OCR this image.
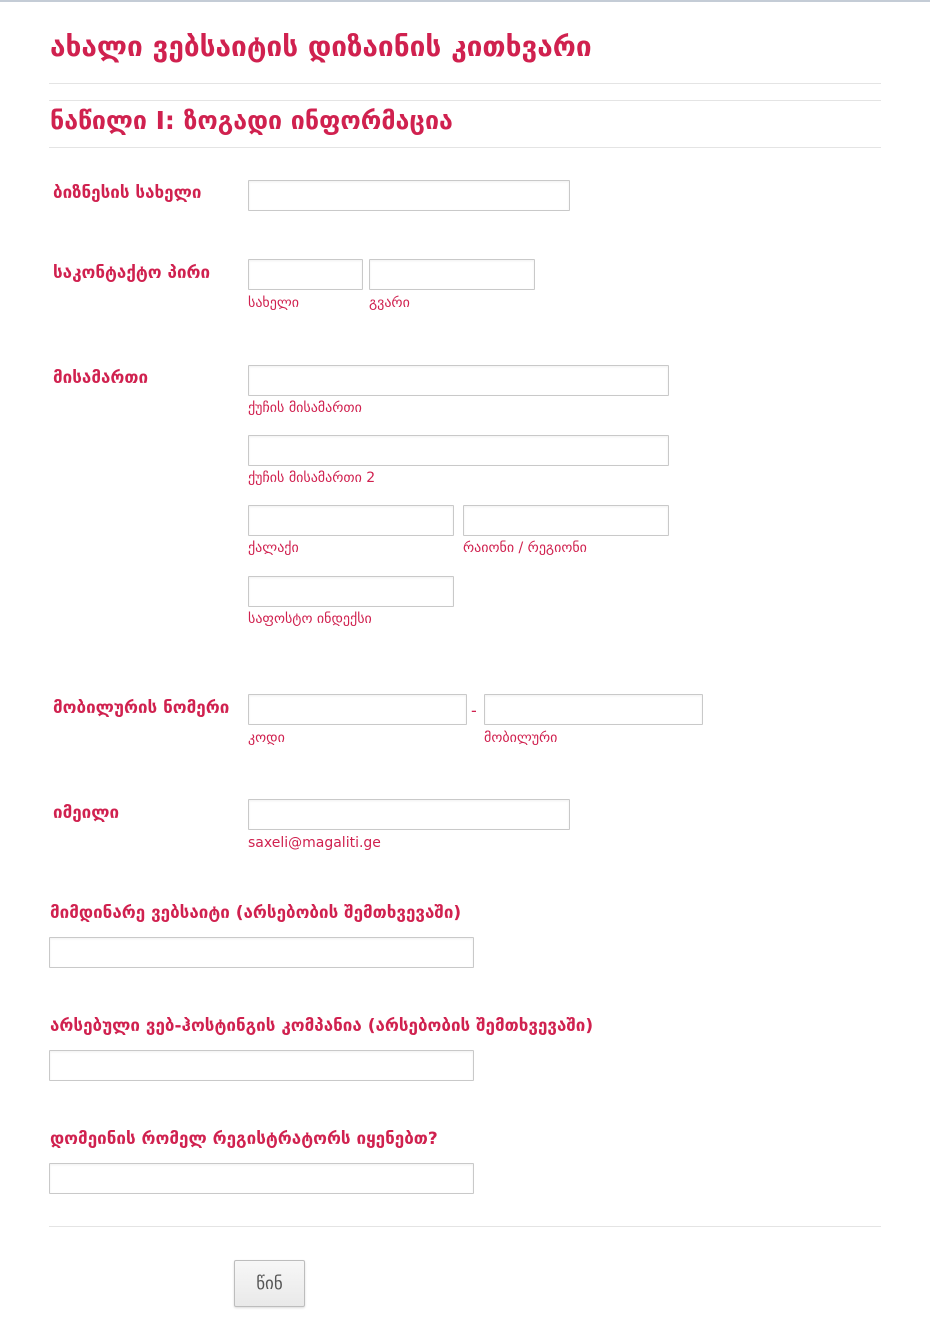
ახალი ვებსაიტის დიზაინის კითხვარი
ნაწილი I: ზოგადი ინფორმაცია
ბიზნესის სახელი
საკონტაქტო პირი
სახელი	გვარი
მისამართი
ქუჩის მისამართი
ქუჩის მისამართი 2
ქალაქი	რაიონი / რეგიონი
საფოსტო ინდექსი
მობილურის ნომერი	-
კოდი	მობილური
იმეილი
saxeli@magaliti.ge
მიმდინარე ვებსაიტი (არსებობის შემთხვევაში)
არსებული ვებ-ჰოსტინგის კომპანია (არსებობის შემთხვევაში)
დომეინის რომელ რეგისტრატორს იყენებთ?
წინ
